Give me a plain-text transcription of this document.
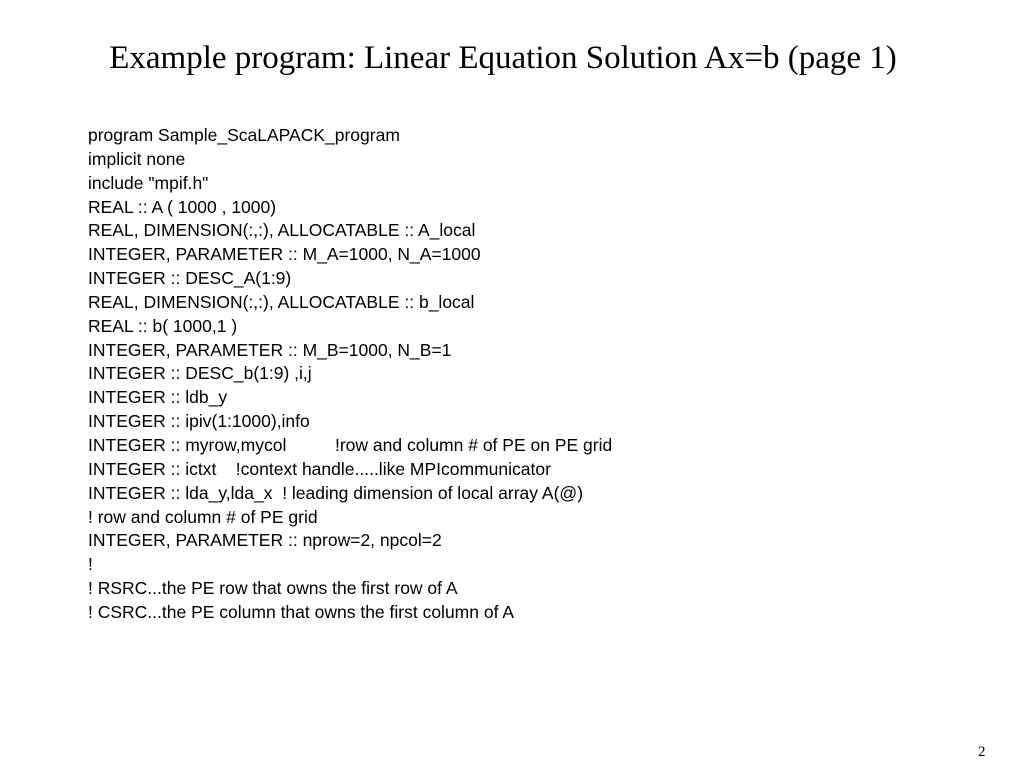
Example program: Linear Equation Solution Ax=b (page 1)
program Sample_ScaLAPACK_program
implicit none
include "mpif.h"
REAL :: A ( 1000 , 1000)
REAL, DIMENSION(:,:), ALLOCATABLE :: A_local
INTEGER, PARAMETER :: M_A=1000, N_A=1000
INTEGER :: DESC_A(1:9)
REAL, DIMENSION(:,:), ALLOCATABLE :: b_local
REAL :: b( 1000,1 )
INTEGER, PARAMETER :: M_B=1000, N_B=1
INTEGER :: DESC_b(1:9) ,i,j
INTEGER :: ldb_y
INTEGER :: ipiv(1:1000),info
INTEGER :: myrow,mycol          !row and column # of PE on PE grid
INTEGER :: ictxt    !context handle.....like MPIcommunicator
INTEGER :: lda_y,lda_x  ! leading dimension of local array A(@)
! row and column # of PE grid
INTEGER, PARAMETER :: nprow=2, npcol=2
!
! RSRC...the PE row that owns the first row of A
! CSRC...the PE column that owns the first column of A
2
